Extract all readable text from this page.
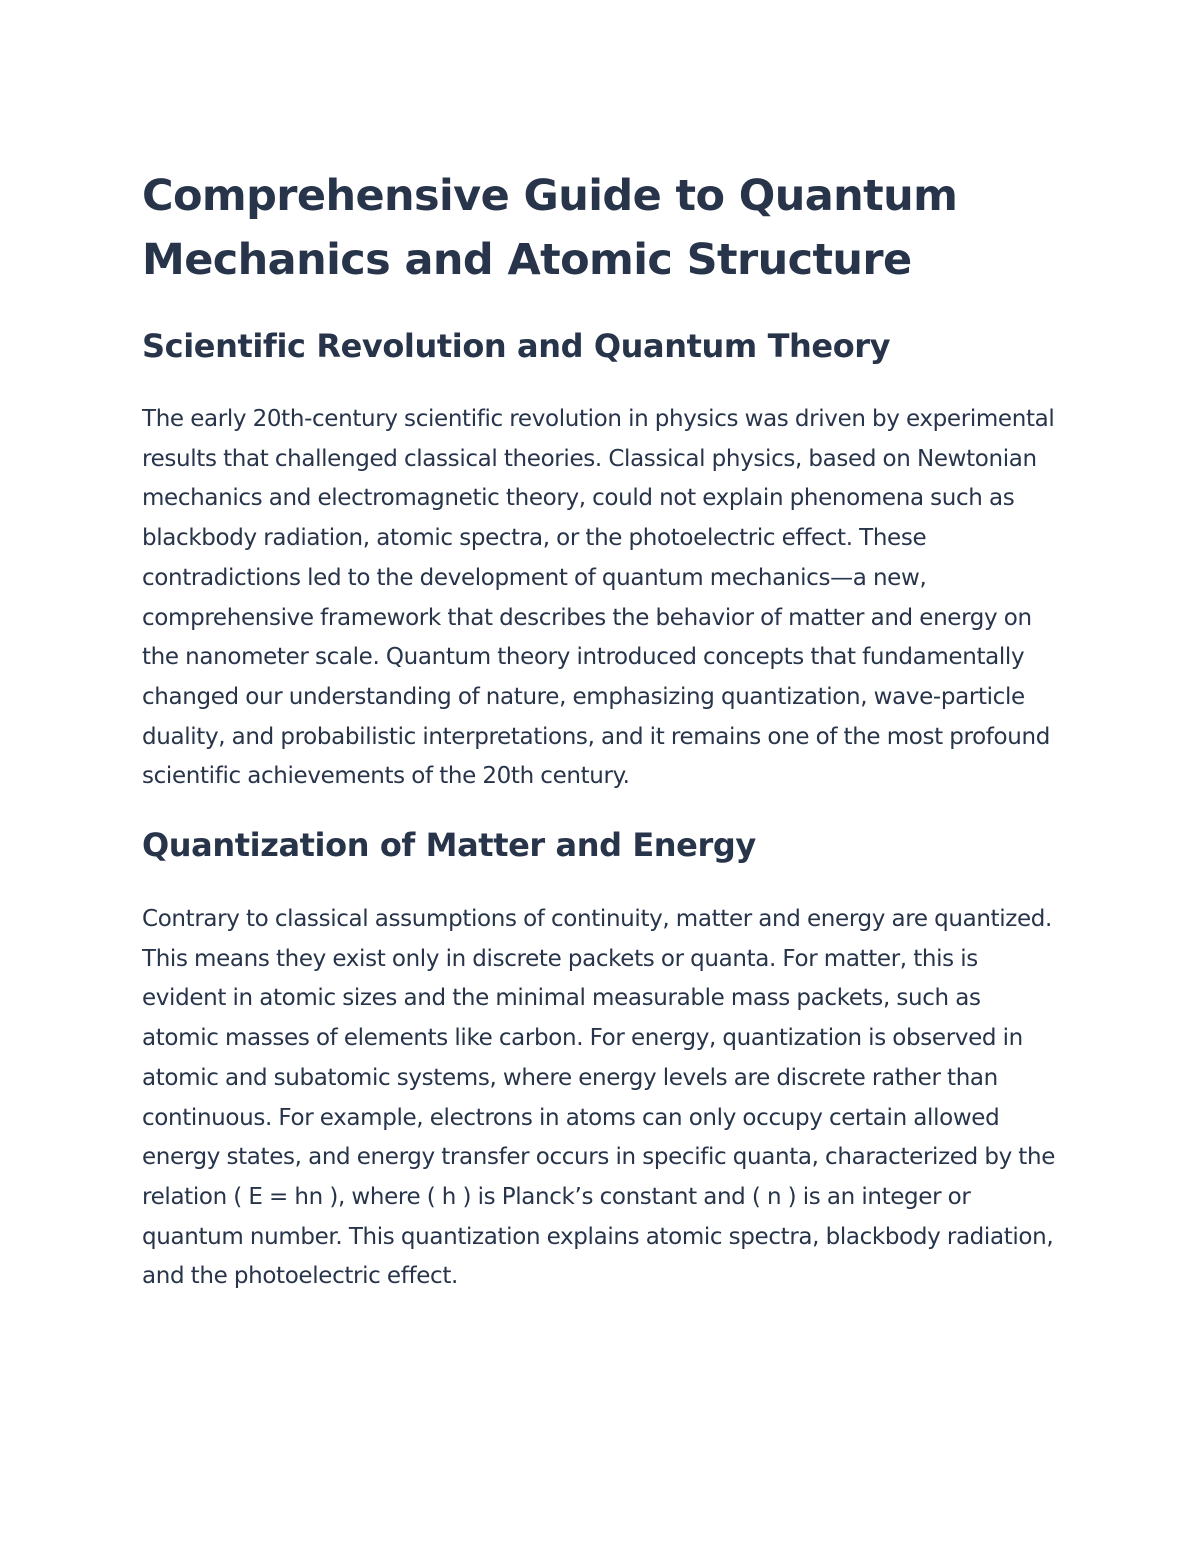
Comprehensive Guide to Quantum Mechanics and Atomic Structure
Scientific Revolution and Quantum Theory

The early 20th-century scientific revolution in physics was driven by experimental results that challenged classical theories. Classical physics, based on Newtonian mechanics and electromagnetic theory, could not explain phenomena such as blackbody radiation, atomic spectra, or the photoelectric effect. These contradictions led to the development of quantum mechanics—a new, comprehensive framework that describes the behavior of matter and energy on the nanometer scale. Quantum theory introduced concepts that fundamentally changed our understanding of nature, emphasizing quantization, wave-particle duality, and probabilistic interpretations, and it remains one of the most profound scientific achievements of the 20th century.

Quantization of Matter and Energy

Contrary to classical assumptions of continuity, matter and energy are quantized. This means they exist only in discrete packets or quanta. For matter, this is evident in atomic sizes and the minimal measurable mass packets, such as atomic masses of elements like carbon. For energy, quantization is observed in atomic and subatomic systems, where energy levels are discrete rather than continuous. For example, electrons in atoms can only occupy certain allowed energy states, and energy transfer occurs in specific quanta, characterized by the relation ( E = hn ), where ( h ) is Planck’s constant and ( n ) is an integer or quantum number. This quantization explains atomic spectra, blackbody radiation, and the photoelectric effect.
